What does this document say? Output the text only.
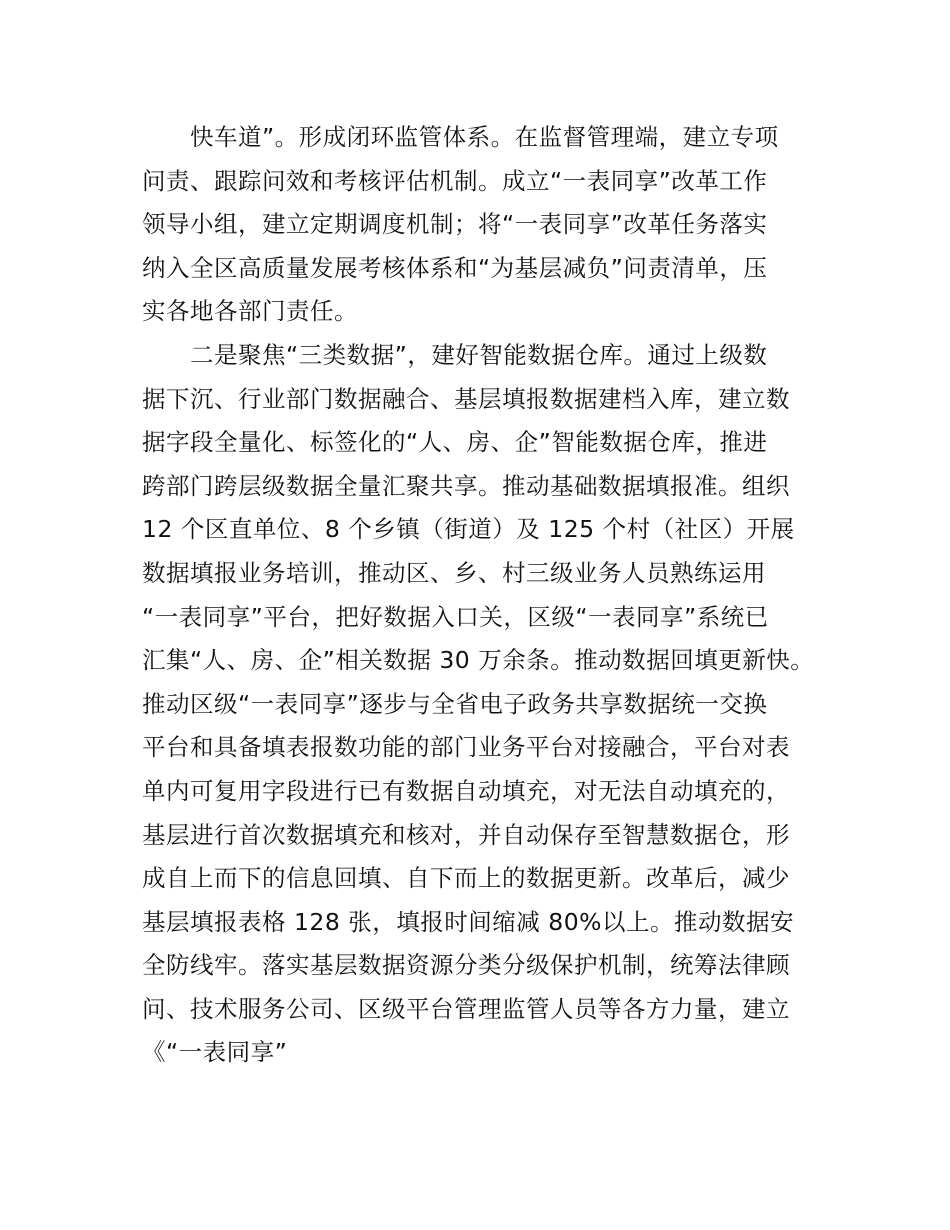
快车道”。形成闭环监管体系。在监督管理端，建立专项
问责、跟踪问效和考核评估机制。成立“一表同享”改革工作
领导小组，建立定期调度机制；将“一表同享”改革任务落实
纳入全区高质量发展考核体系和“为基层减负”问责清单，压
实各地各部门责任。
二是聚焦“三类数据”，建好智能数据仓库。通过上级数
据下沉、行业部门数据融合、基层填报数据建档入库，建立数
据字段全量化、标签化的“人、房、企”智能数据仓库，推进
跨部门跨层级数据全量汇聚共享。推动基础数据填报准。组织
12 个区直单位、8 个乡镇（街道）及 125 个村（社区）开展
数据填报业务培训，推动区、乡、村三级业务人员熟练运用
“一表同享”平台，把好数据入口关，区级“一表同享”系统已
汇集“人、房、企”相关数据 30 万余条。推动数据回填更新快。
推动区级“一表同享”逐步与全省电子政务共享数据统一交换
平台和具备填表报数功能的部门业务平台对接融合，平台对表
单内可复用字段进行已有数据自动填充，对无法自动填充的，
基层进行首次数据填充和核对，并自动保存至智慧数据仓，形
成自上而下的信息回填、自下而上的数据更新。改革后，减少
基层填报表格 128 张，填报时间缩减 80%以上。推动数据安
全防线牢。落实基层数据资源分类分级保护机制，统筹法律顾
问、技术服务公司、区级平台管理监管人员等各方力量，建立
《“一表同享”
